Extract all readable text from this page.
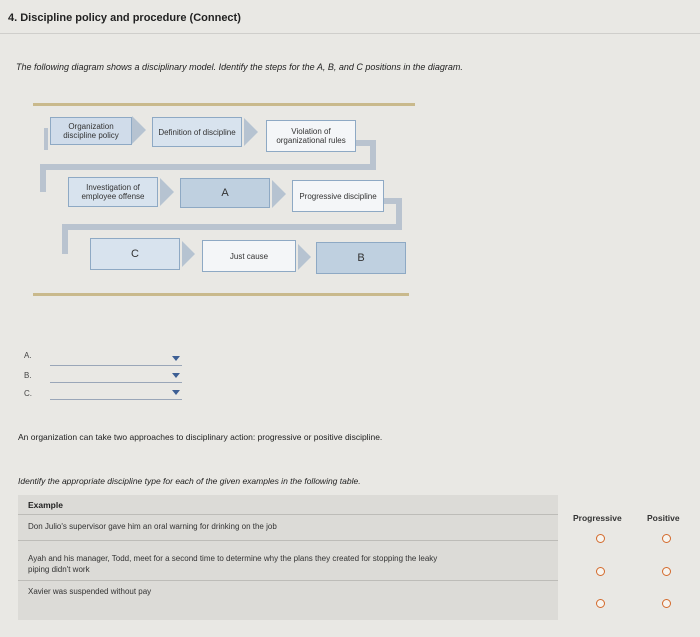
4. Discipline policy and procedure (Connect)
The following diagram shows a disciplinary model. Identify the steps for the A, B, and C positions in the diagram.
Organization discipline policy	Definition of discipline	Violation of organizational rules
Investigation of employee offense	A	Progressive discipline
C	Just cause	B
A.
B.
C.
An organization can take two approaches to disciplinary action: progressive or positive discipline.
Identify the appropriate discipline type for each of the given examples in the following table.
Example
Progressive	Positive
Don Julio's supervisor gave him an oral warning for drinking on the job
Ayah and his manager, Todd, meet for a second time to determine why the plans they created for stopping the leaky
piping didn't work
Xavier was suspended without pay
